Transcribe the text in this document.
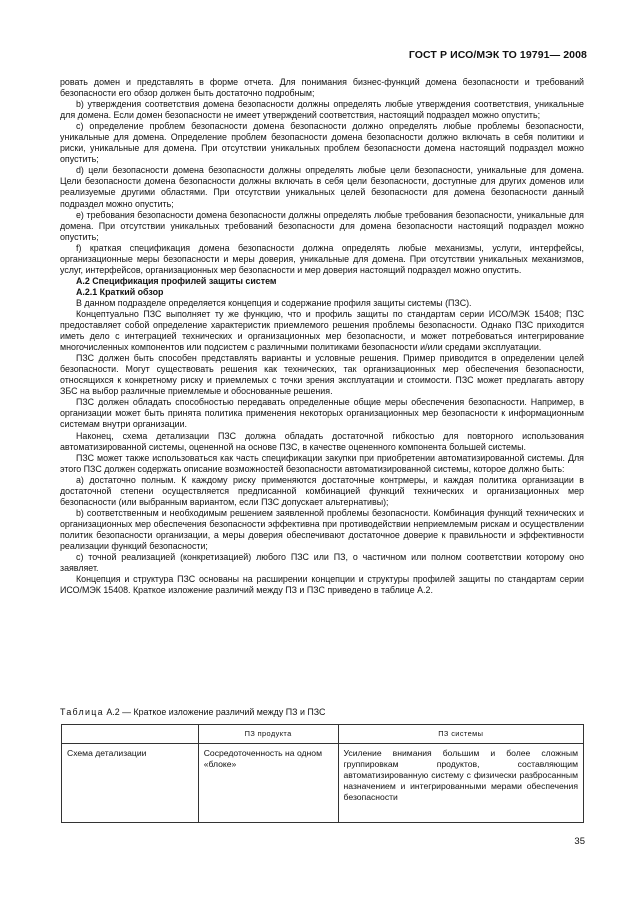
ГОСТ Р ИСО/МЭК ТО 19791— 2008

ровать домен и представлять в форме отчета. Для понимания бизнес-функций домена безопасности и требований безопасности его обзор должен быть достаточно подробным;

b) утверждения соответствия домена безопасности должны определять любые утверждения соответствия, уникальные для домена. Если домен безопасности не имеет утверждений соответствия, настоящий подраздел можно опустить;

c) определение проблем безопасности домена безопасности должно определять любые проблемы безопасности, уникальные для домена. Определение проблем безопасности домена безопасности должно включать в себя политики и риски, уникальные для домена. При отсутствии уникальных проблем безопасности домена настоящий подраздел можно опустить;

d) цели безопасности домена безопасности должны определять любые цели безопасности, уникальные для домена. Цели безопасности домена безопасности должны включать в себя цели безопасности, доступные для других доменов или реализуемые другими областями. При отсутствии уникальных целей безопасности для домена безопасности данный подраздел можно опустить;

e) требования безопасности домена безопасности должны определять любые требования безопасности, уникальные для домена. При отсутствии уникальных требований безопасности для домена безопасности настоящий подраздел можно опустить;

f) краткая спецификация домена безопасности должна определять любые механизмы, услуги, интерфейсы, организационные меры безопасности и меры доверия, уникальные для домена. При отсутствии уникальных механизмов, услуг, интерфейсов, организационных мер безопасности и мер доверия настоящий подраздел можно опустить.

А.2 Спецификация профилей защиты систем

А.2.1 Краткий обзор

В данном подразделе определяется концепция и содержание профиля защиты системы (ПЗС).

Концептуально ПЗС выполняет ту же функцию, что и профиль защиты по стандартам серии ИСО/МЭК 15408; ПЗС предоставляет собой определение характеристик приемлемого решения проблемы безопасности. Однако ПЗС приходится иметь дело с интеграцией технических и организационных мер безопасности, и может потребоваться интегрирование многочисленных компонентов или подсистем с различными политиками безопасности и/или средами эксплуатации.

ПЗС должен быть способен представлять варианты и условные решения. Пример приводится в определении целей безопасности. Могут существовать решения как технических, так организационных мер обеспечения безопасности, относящихся к конкретному риску и приемлемых с точки зрения эксплуатации и стоимости. ПЗС может предлагать автору ЗБС на выбор различные приемлемые и обоснованные решения.

ПЗС должен обладать способностью передавать определенные общие меры обеспечения безопасности. Например, в организации может быть принята политика применения некоторых организационных мер безопасности к информационным системам внутри организации.

Наконец, схема детализации ПЗС должна обладать достаточной гибкостью для повторного использования автоматизированной системы, оцененной на основе ПЗС, в качестве оцененного компонента большей системы.

ПЗС может также использоваться как часть спецификации закупки при приобретении автоматизированной системы. Для этого ПЗС должен содержать описание возможностей безопасности автоматизированной системы, которое должно быть:

a) достаточно полным. К каждому риску применяются достаточные контрмеры, и каждая политика организации в достаточной степени осуществляется предписанной комбинацией функций технических и организационных мер безопасности (или выбранным вариантом, если ПЗС допускает альтернативы);

b) соответственным и необходимым решением заявленной проблемы безопасности. Комбинация функций технических и организационных мер обеспечения безопасности эффективна при противодействии неприемлемым рискам и осуществлении политик безопасности организации, а меры доверия обеспечивают достаточное доверие к правильности и эффективности реализации функций безопасности;

c) точной реализацией (конкретизацией) любого ПЗС или ПЗ, o частичном или полном соответствии которому оно заявляет.

Концепция и структура ПЗС основаны на расширении концепции и структуры профилей защиты по стандартам серии ИСО/МЭК 15408. Краткое изложение различий между ПЗ и ПЗС приведено в таблице А.2.

Таблица А.2 — Краткое изложение различий между ПЗ и ПЗС
	ПЗ продукта	ПЗ системы
Схема детализации	Сосредоточенность на одном «блоке»	Усиление внимания большим и более сложным группировкам продуктов, составляющим автоматизированную систему с физически разбросанным назначением и интегрированными мерами обеспечения безопасности
35
